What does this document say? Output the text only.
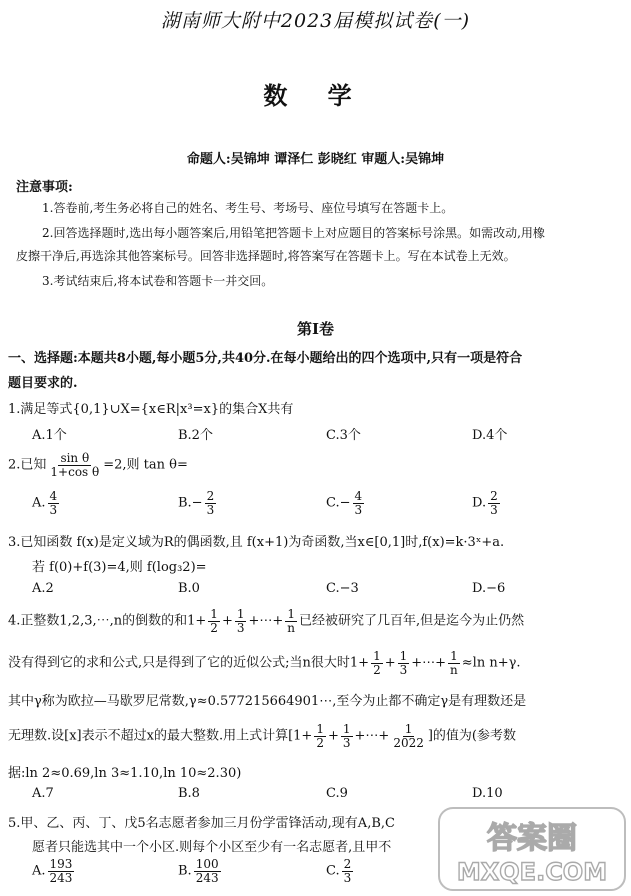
湖南师大附中2023届模拟试卷(一)
数 学
命题人:吴锦坤 谭泽仁 彭晓红 审题人:吴锦坤
注意事项:
1.答卷前,考生务必将自己的姓名、考生号、考场号、座位号填写在答题卡上。
2.回答选择题时,选出每小题答案后,用铅笔把答题卡上对应题目的答案标号涂黑。如需改动,用橡
皮擦干净后,再选涂其他答案标号。回答非选择题时,将答案写在答题卡上。写在本试卷上无效。
3.考试结束后,将本试卷和答题卡一并交回。
第Ⅰ卷
一、选择题:本题共8小题,每小题5分,共40分.在每小题给出的四个选项中,只有一项是符合
题目要求的.
1.满足等式{0,1}∪X={x∈R|x³=x}的集合X共有
A.1个	B.2个	C.3个	D.4个
2.已知 $\frac{\text{sin θ}}{\text{1+cos θ}} =2$,则 tan θ=
A. $\frac{4}{3}$	$B.- \frac{2}{3}$	$C.- \frac{4}{3}$	D. $\frac{2}{3}$
3.已知函数 f(x)是定义域为R的偶函数,且 f(x+1)为奇函数,当x∈[0,1]时,f(x)=k·3ˣ+a.
若 f(0)+f(3)=4,则 f(log₃2)=
A.2	B.0	C.−3	D.−6
4.正整数1,2,3,⋯,n的倒数的和$1+ \frac{1}{2} + \frac{1}{3}$ +⋯+ $\frac{1}{n}$ 已经被研究了几百年,但是迄今为止仍然
没有得到它的求和公式,只是得到了它的近似公式;当n很大时$1+ \frac{1}{2} + \frac{1}{3}$ +⋯+ $\frac{1}{n} \approx\ln$ n+γ.
其中γ称为欧拉—马歇罗尼常数,γ≈0.577215664901⋯,至今为止都不确定γ是有理数还是
无理数.设[x]表示不超过x的最大整数.用上式计算[$1+ \frac{1}{2} + \frac{1}{3}$ +⋯+ $\frac{1}{2022}$ ]的值为(参考数
据:ln 2≈0.69,ln 3≈1.10,ln 10≈2.30)
A.7	B.8	C.9	D.10
5.甲、乙、丙、丁、戊5名志愿者参加三月份学雷锋活动,现有A,B,C
愿者只能选其中一个小区.则每个小区至少有一名志愿者,且甲不
A. $\frac{193}{243}$	B. $\frac{100}{243}$	C. $\frac{2}{3}$
答案圈
MXQE.COM
